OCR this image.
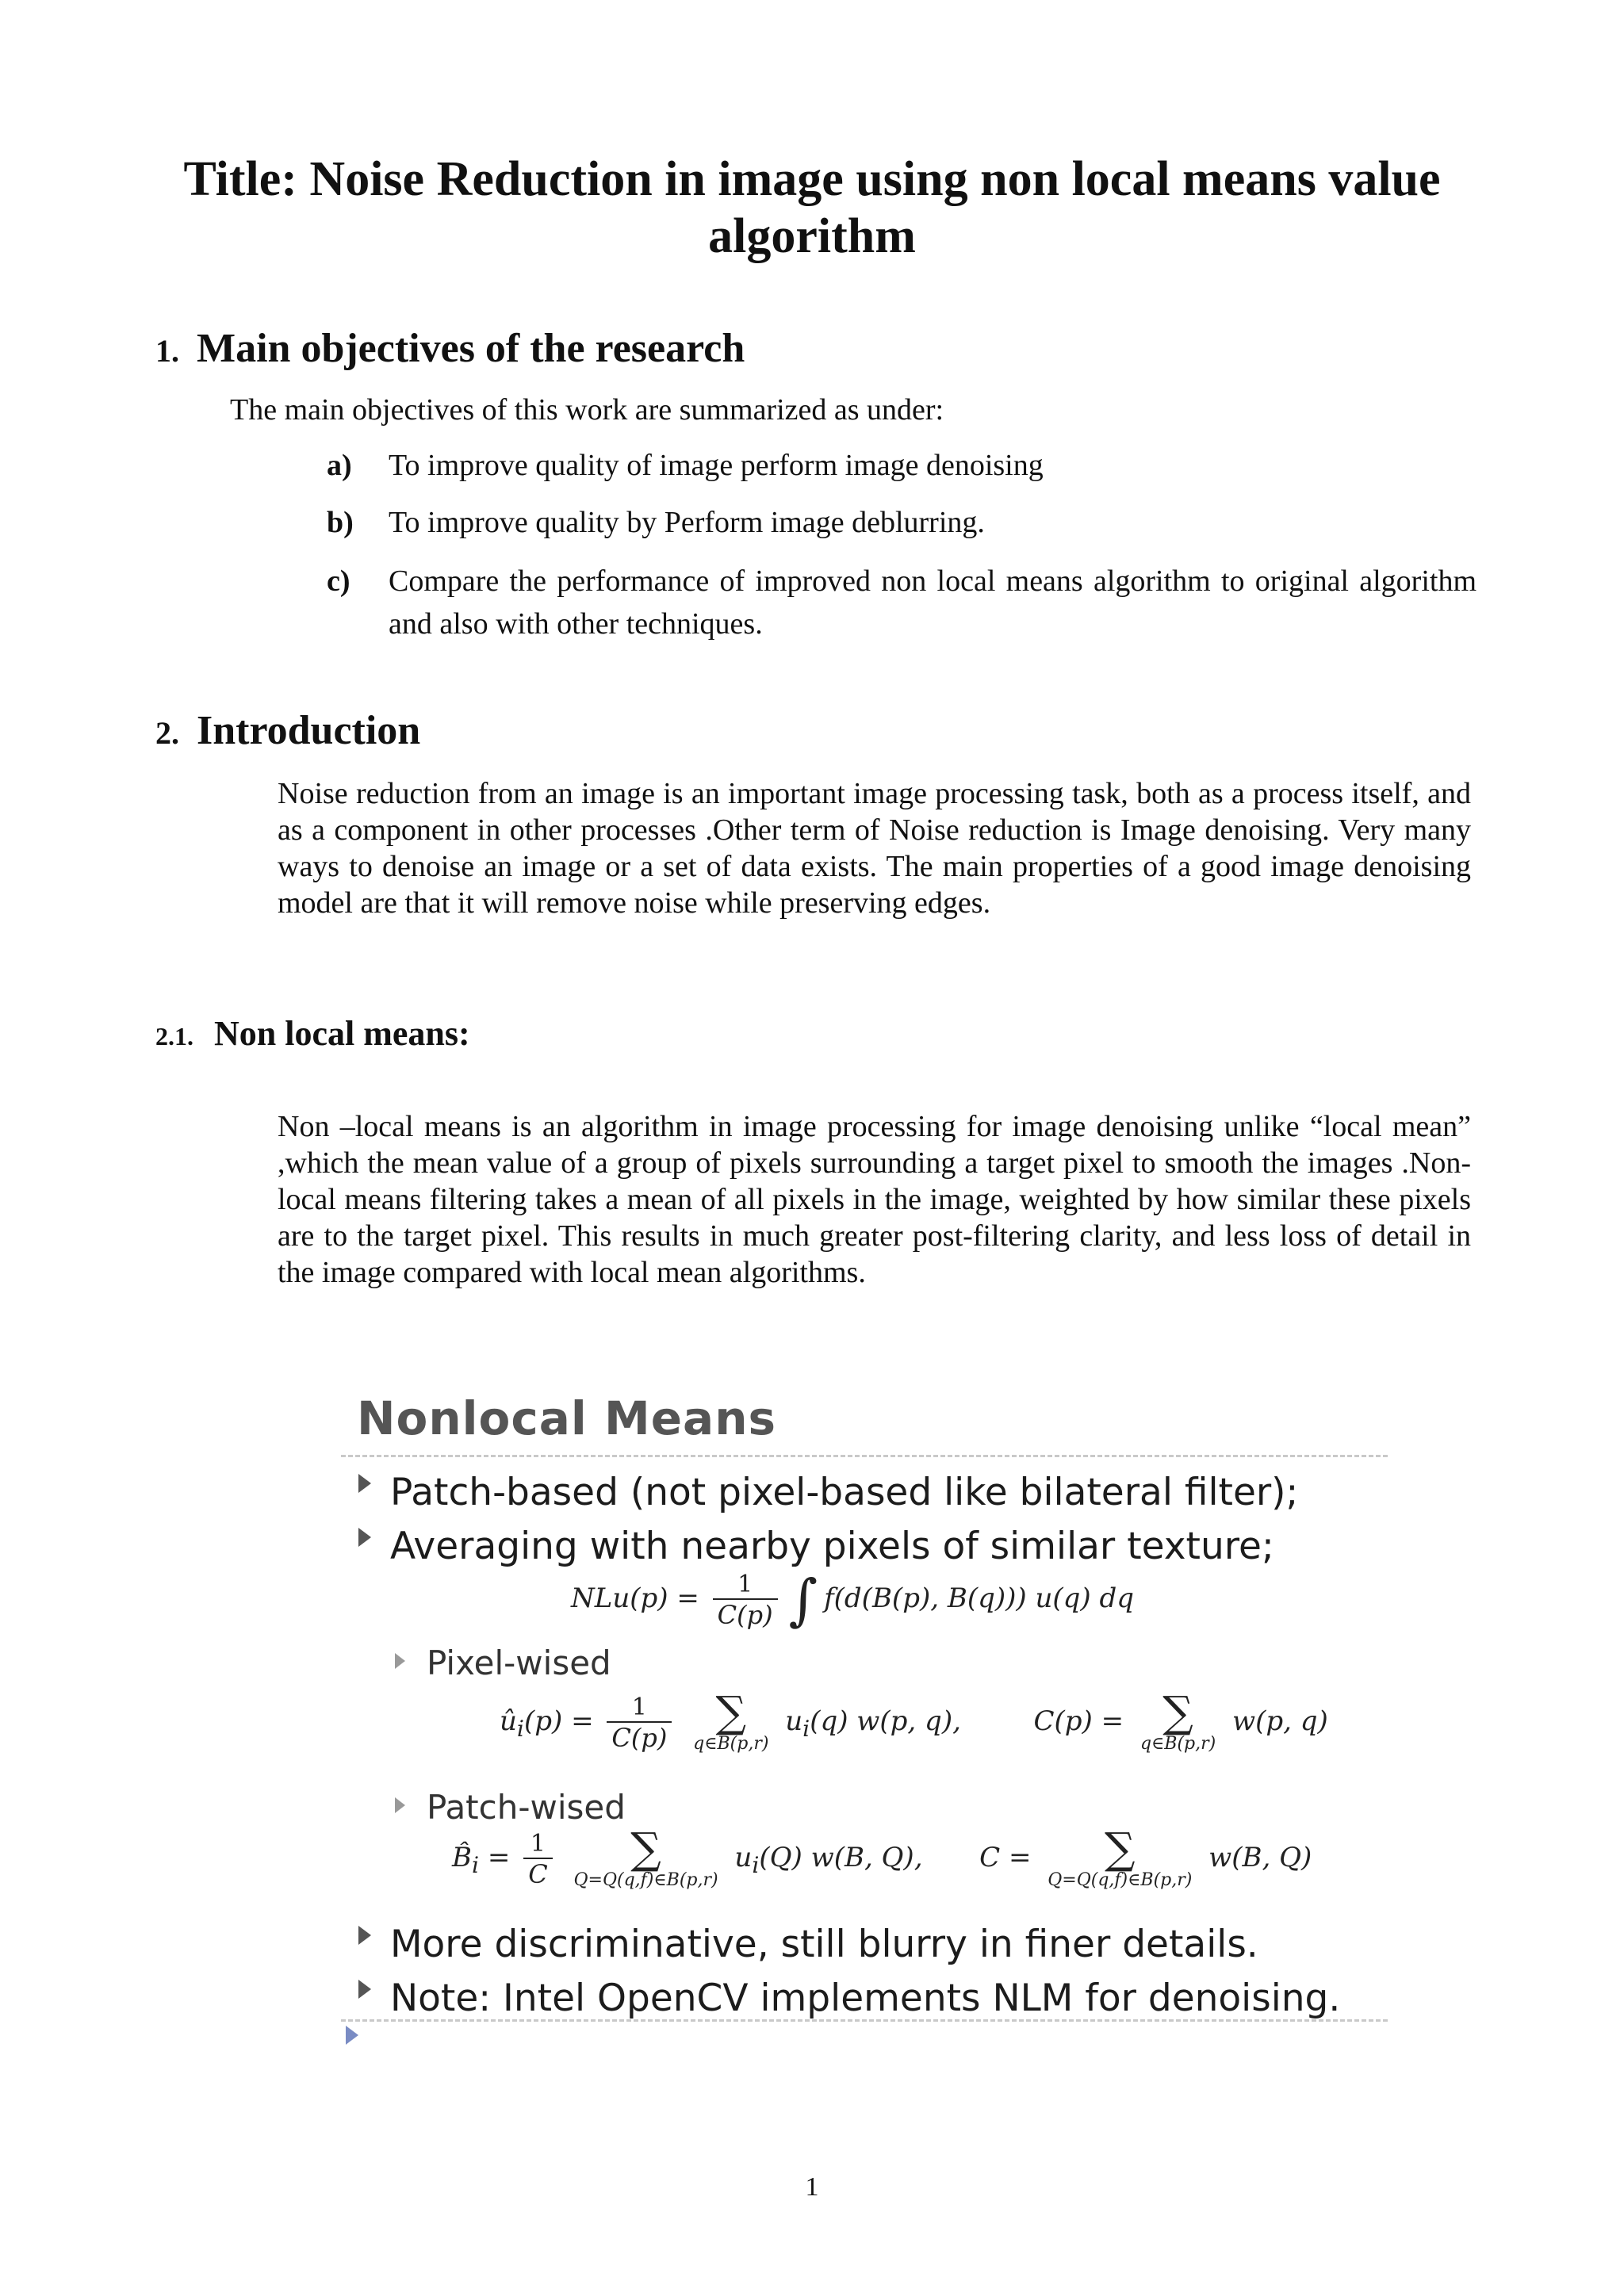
Title: Noise Reduction in image using non local means value algorithm
1. Main objectives of the research
The main objectives of this work are summarized as under:
a) To improve quality of image perform image denoising
b) To improve quality by Perform image deblurring.
c) Compare the performance of improved non local means algorithm to original algorithm and also with other techniques.
2. Introduction
Noise reduction from an image is an important image processing task, both as a process itself, and as a component in other processes .Other term of Noise reduction is Image denoising. Very many ways to denoise an image or a set of data exists. The main properties of a good image denoising model are that it will remove noise while preserving edges.
2.1. Non local means:
Non –local means is an algorithm in image processing for image denoising unlike “local mean” ,which the mean value of a group of pixels surrounding a target pixel to smooth the images .Non-local means filtering takes a mean of all pixels in the image, weighted by how similar these pixels are to the target pixel. This results in much greater post-filtering clarity, and less loss of detail in the image compared with local mean algorithms.
Nonlocal Means
Patch-based (not pixel-based like bilateral filter);
Averaging with nearby pixels of similar texture;
$NLu(p) = \frac{1}{C(p)}$ ∫ f(d(B(p), B(q))) u(q) dq
Pixel-wised
$û_i(p) = \frac{1}{C(p)}$
	∑
q∈B(p,r)
$u_i(q)$ w(p, q),	C(p) = ∑
q∈B(p,r)
w(p, q)
Patch-wised
$B̂_i = \frac{1}{C}$
	∑
Q=Q(q,f)∈B(p,r)
$u_i(Q)$ w(B, Q), C =	∑
Q=Q(q,f)∈B(p,r)
w(B, Q)
More discriminative, still blurry in finer details.
Note: Intel OpenCV implements NLM for denoising.
1
